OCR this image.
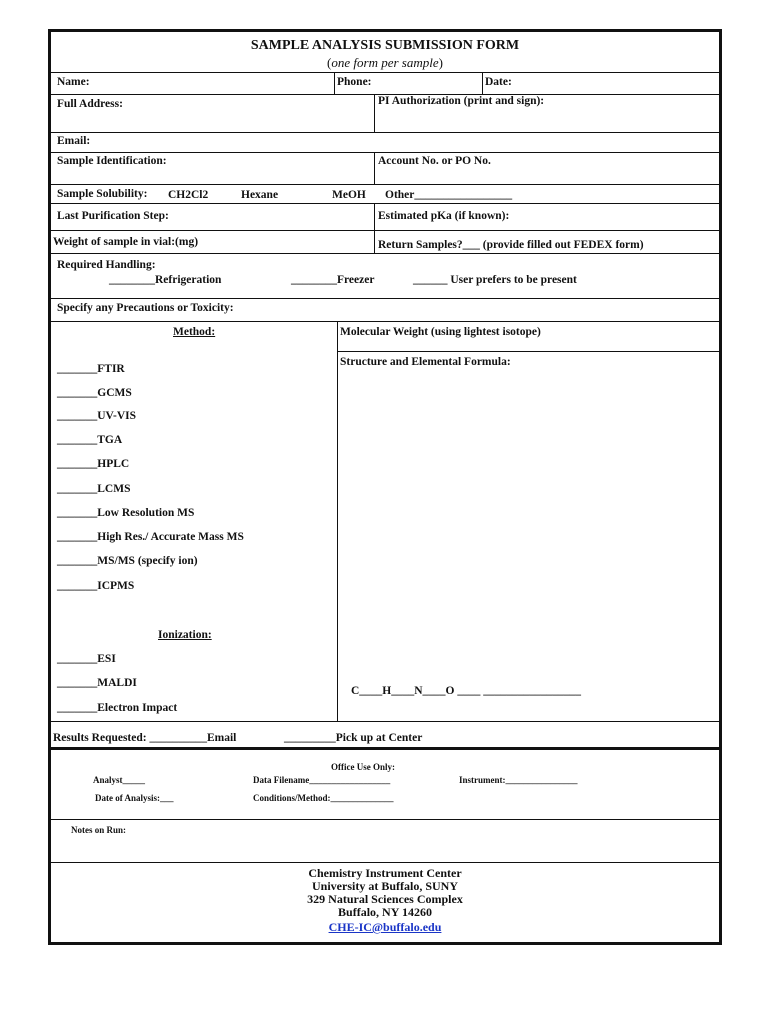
SAMPLE ANALYSIS SUBMISSION FORM
(one form per sample)
Name:	Phone:	Date:
Full Address:	PI Authorization (print and sign):
Email:
Sample Identification:	Account No. or PO No.
Sample Solubility: CH2Cl2	Hexane	MeOH Other_________________
Last Purification Step:	Estimated pKa (if known):
Weight of sample in vial:(mg)	Return Samples?___ (provide filled out FEDEX form)
Required Handling:
________Refrigeration	________Freezer	______ User prefers to be present
Specify any Precautions or Toxicity:
Method:	Molecular Weight (using lightest isotope)
Structure and Elemental Formula:
_______FTIR
_______GCMS
_______UV-VIS
_______TGA
_______HPLC
_______LCMS
_______Low Resolution MS
_______High Res./ Accurate Mass MS
_______MS/MS (specify ion)
_______ICPMS
Ionization:
_______ESI
_______MALDI
_______Electron Impact
C____H____N____O ____ _________________
Results Requested: __________Email	_________Pick up at Center
Office Use Only:
Analyst_____	Data Filename__________________	Instrument:________________
Date of Analysis:___	Conditions/Method:______________
Notes on Run:
Chemistry Instrument Center
University at Buffalo, SUNY
329 Natural Sciences Complex
Buffalo, NY 14260
CHE-IC@buffalo.edu
